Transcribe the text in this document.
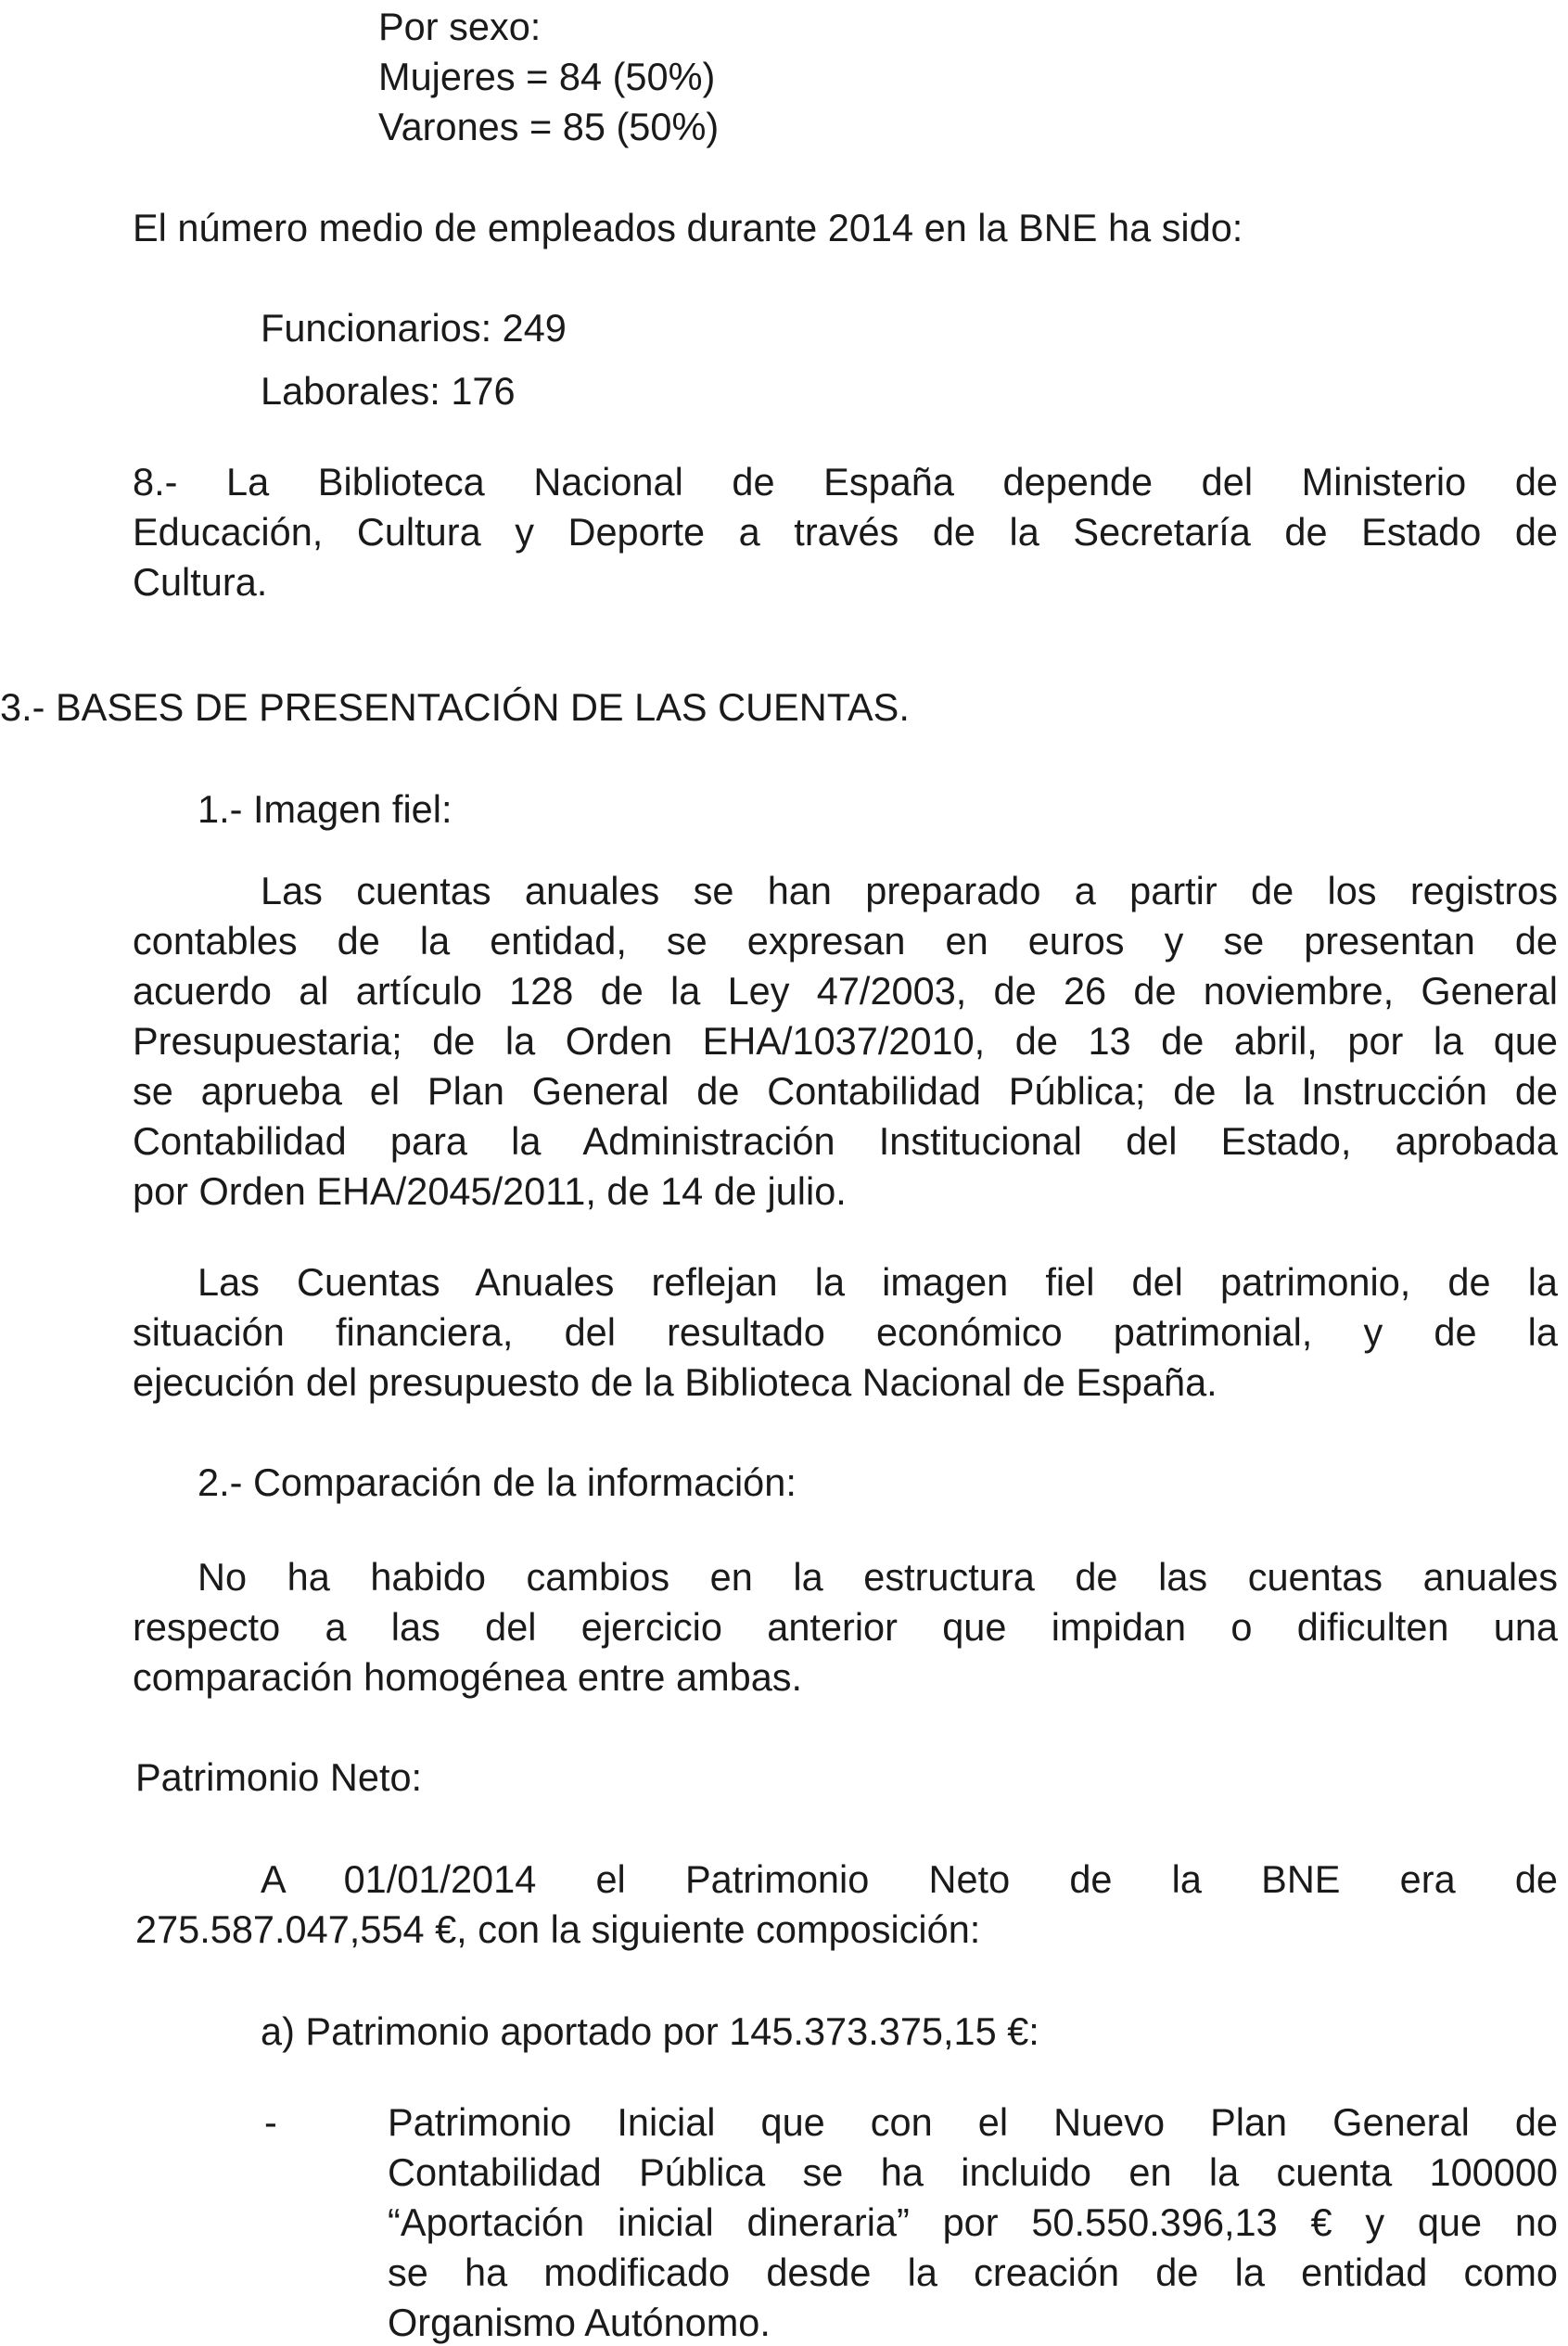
Por sexo:
Mujeres = 84 (50%)
Varones = 85 (50%)
El número medio de empleados durante 2014 en la BNE ha sido:
Funcionarios: 249
Laborales: 176
8.- La Biblioteca Nacional de España depende del Ministerio de
Educación, Cultura y Deporte a través de la Secretaría de Estado de
Cultura.
3.- BASES DE PRESENTACIÓN DE LAS CUENTAS.
1.- Imagen fiel:
Las cuentas anuales se han preparado a partir de los registros
contables de la entidad, se expresan en euros y se presentan de
acuerdo al artículo 128 de la Ley 47/2003, de 26 de noviembre, General
Presupuestaria; de la Orden EHA/1037/2010, de 13 de abril, por la que
se aprueba el Plan General de Contabilidad Pública; de la Instrucción de
Contabilidad para la Administración Institucional del Estado, aprobada
por Orden EHA/2045/2011, de 14 de julio.
Las Cuentas Anuales reflejan la imagen fiel del patrimonio, de la
situación financiera, del resultado económico patrimonial, y de la
ejecución del presupuesto de la Biblioteca Nacional de España.
2.- Comparación de la información:
No ha habido cambios en la estructura de las cuentas anuales
respecto a las del ejercicio anterior que impidan o dificulten una
comparación homogénea entre ambas.
Patrimonio Neto:
A 01/01/2014 el Patrimonio Neto de la BNE era de
275.587.047,554 €, con la siguiente composición:
a) Patrimonio aportado por 145.373.375,15 €:
-	Patrimonio Inicial que con el Nuevo Plan General de
Contabilidad Pública se ha incluido en la cuenta 100000
“Aportación inicial dineraria” por 50.550.396,13 € y que no
se ha modificado desde la creación de la entidad como
Organismo Autónomo.
